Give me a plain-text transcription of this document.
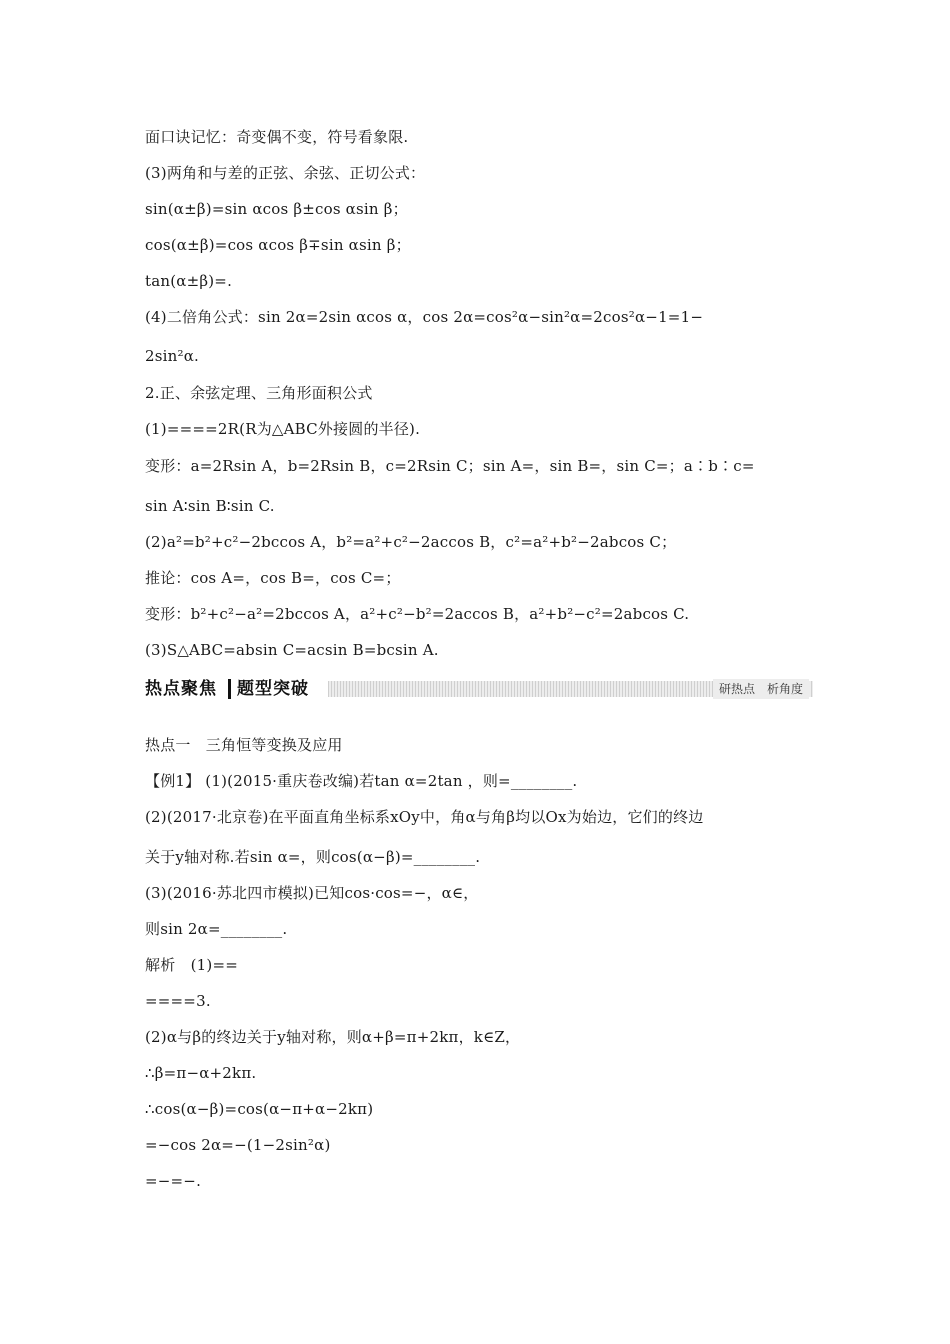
面口诀记忆：奇变偶不变，符号看象限.
(3)两角和与差的正弦、余弦、正切公式：
sin(α±β)=sin αcos β±cos αsin β；
cos(α±β)=cos αcos β∓sin αsin β；
tan(α±β)=.
(4)二倍角公式：sin 2α=2sin αcos α，cos 2α=cos²α−sin²α=2cos²α−1=1−
2sin²α.
2.正、余弦定理、三角形面积公式
(1)====2R(R为△ABC外接圆的半径).
变形：a=2Rsin A，b=2Rsin B，c=2Rsin C；sin A=，sin B=，sin C=；a∶b∶c=
sin A∶sin B∶sin C.
(2)a²=b²+c²−2bccos A，b²=a²+c²−2accos B，c²=a²+b²−2abcos C；
推论：cos A=，cos B=，cos C=；
变形：b²+c²−a²=2bccos A，a²+c²−b²=2accos B，a²+b²−c²=2abcos C.
(3)S△ABC=absin C=acsin B=bcsin A.
热点聚焦 题型突破	研热点　析角度
热点一　三角恒等变换及应用
【例1】 (1)(2015·重庆卷改编)若tan α=2tan ，则=________.
(2)(2017·北京卷)在平面直角坐标系xOy中，角α与角β均以Ox为始边，它们的终边
关于y轴对称.若sin α=，则cos(α−β)=________.
(3)(2016·苏北四市模拟)已知cos·cos=−，α∈，
则sin 2α=________.
解析　(1)==
====3.
(2)α与β的终边关于y轴对称，则α+β=π+2kπ，k∈Z，
∴β=π−α+2kπ.
∴cos(α−β)=cos(α−π+α−2kπ)
=−cos 2α=−(1−2sin²α)
=−=−.
